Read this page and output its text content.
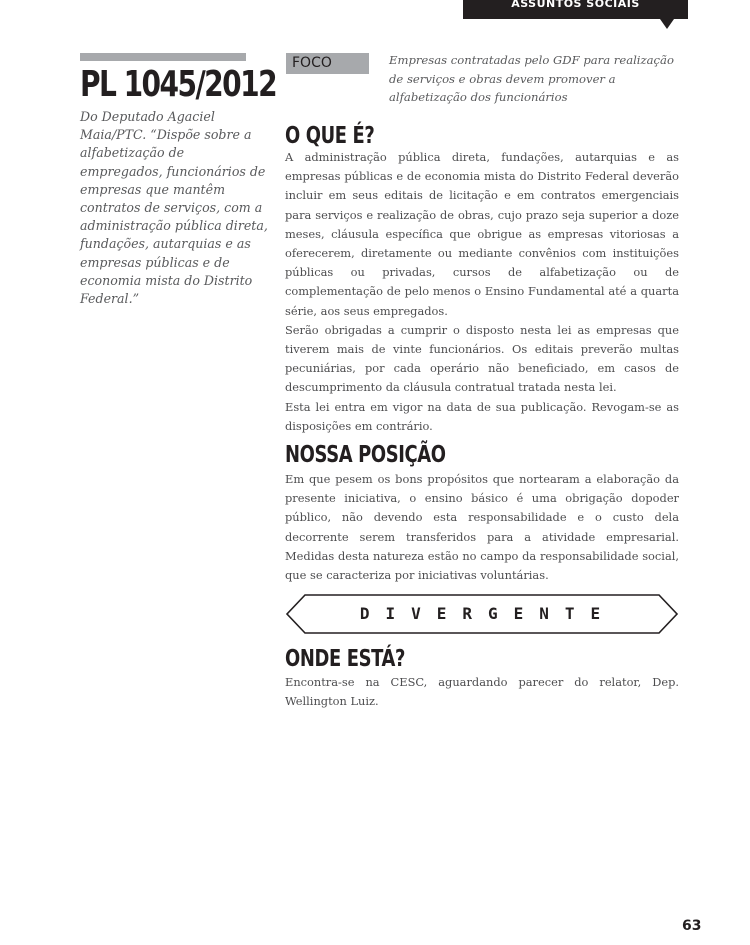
ASSUNTOS SOCIAIS
PL 1045/2012
Do Deputado Agaciel Maia/PTC. “Dispõe sobre a alfabetização de empregados, funcionários de empresas que mantêm contratos de serviços, com a administração pública direta, fundações, autarquias e as empresas públicas e de economia mista do Distrito Federal.”
FOCO	Empresas contratadas pelo GDF para realização de serviços e obras devem promover a alfabetização dos funcionários
O QUE É?

A administração pública direta, fundações, autarquias e as empresas públicas e de economia mista do Distrito Federal deverão incluir em seus editais de licitação e em contratos emergenciais para serviços e realização de obras, cujo prazo seja superior a doze meses, cláusula específica que obrigue as empresas vitoriosas a oferecerem, diretamente ou mediante convênios com instituições públicas ou privadas, cursos de alfabetização ou de complementação de pelo menos o Ensino Fundamental até a quarta série, aos seus empregados.

Serão obrigadas a cumprir o disposto nesta lei as empresas que tiverem mais de vinte funcionários. Os editais preverão multas pecuniárias, por cada operário não beneficiado, em casos de descumprimento da cláusula contratual tratada nesta lei.

Esta lei entra em vigor na data de sua publicação. Revogam-se as disposições em contrário.

NOSSA POSIÇÃO
Em que pesem os bons propósitos que nortearam a elaboração da presente iniciativa, o ensino básico é uma obrigação dopoder público, não devendo esta responsabilidade e o custo dela decorrente serem transferidos para a atividade empresarial. Medidas desta natureza estão no campo da responsabilidade social, que se caracteriza por iniciativas voluntárias.
DIVERGENTE
ONDE ESTÁ?
Encontra-se na CESC, aguardando parecer do relator, Dep. Wellington Luiz.
63
